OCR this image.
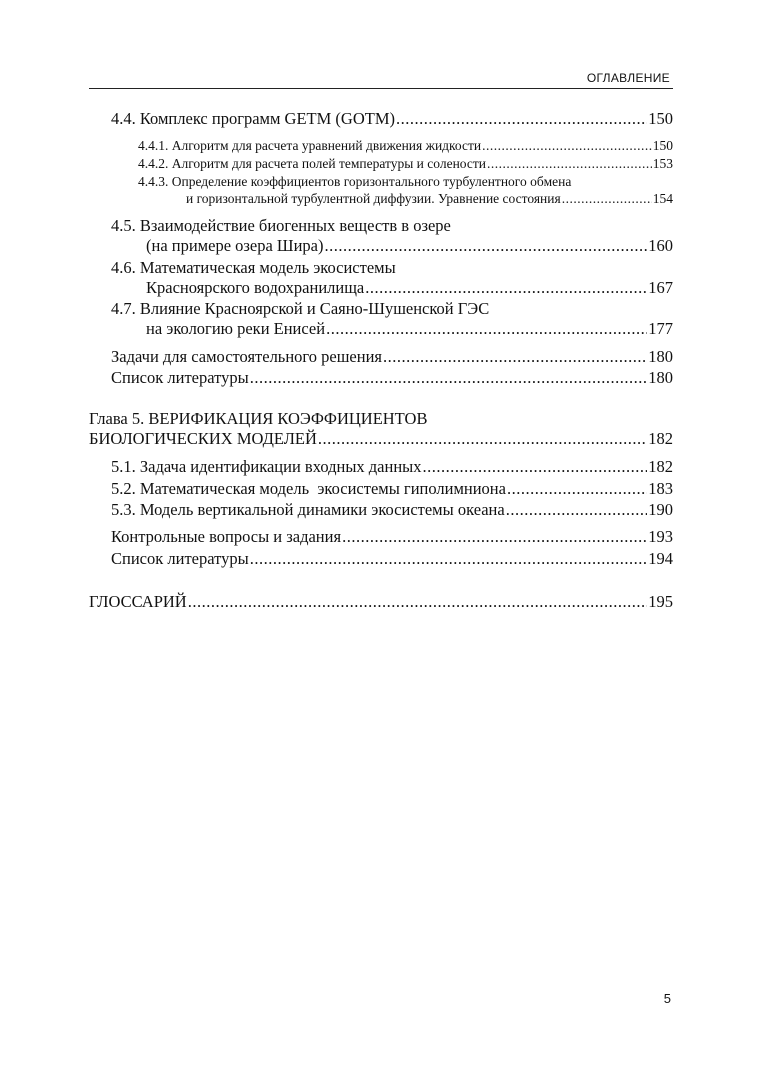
ОГЛАВЛЕНИЕ
4.4. Комплекс программ GETM (GOTM) .....	150
4.4.1. Алгоритм для расчета уравнений движения жидкости .....	150
4.4.2. Алгоритм для расчета полей температуры и солености .....	153
4.4.3. Определение коэффициентов горизонтального турбулентного обмена
и горизонтальной турбулентной диффузии. Уравнение состояния .....	154
4.5. Взаимодействие биогенных веществ в озере
(на примере озера Шира) .....	160
4.6. Математическая модель экосистемы
Красноярского водохранилища .....	167
4.7. Влияние Красноярской и Саяно-Шушенской ГЭС
на экологию реки Енисей .....	177
Задачи для самостоятельного решения .....	180
Список литературы .....	180
Глава 5. ВЕРИФИКАЦИЯ КОЭФФИЦИЕНТОВ
БИОЛОГИЧЕСКИХ МОДЕЛЕЙ .....	182
5.1. Задача идентификации входных данных .....	182
5.2. Математическая модель  экосистемы гиполимниона .....	183
5.3. Модель вертикальной динамики экосистемы океана .....	190
Контрольные вопросы и задания .....	193
Список литературы .....	194
ГЛОССАРИЙ .....	195
5
